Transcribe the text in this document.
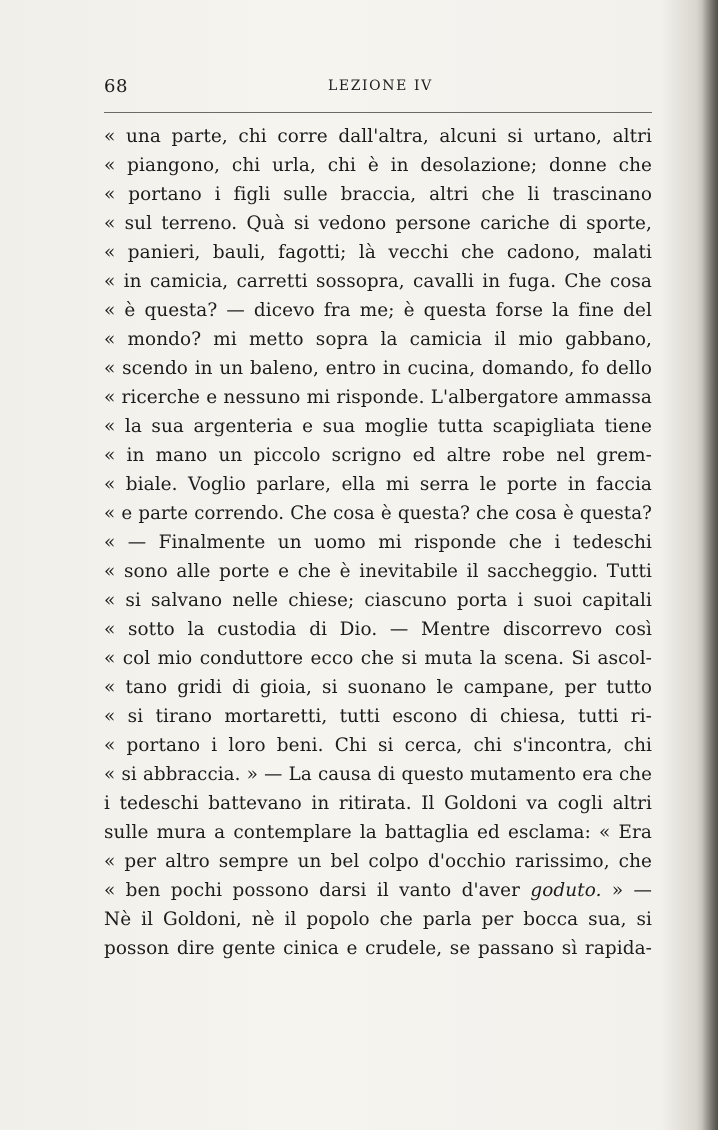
68	LEZIONE IV
« una parte, chi corre dall'altra, alcuni si urtano, altri
« piangono, chi urla, chi è in desolazione; donne che
« portano i figli sulle braccia, altri che li trascinano
« sul terreno. Quà si vedono persone cariche di sporte,
« panieri, bauli, fagotti; là vecchi che cadono, malati
« in camicia, carretti sossopra, cavalli in fuga. Che cosa
« è questa? — dicevo fra me; è questa forse la fine del
« mondo? mi metto sopra la camicia il mio gabbano,
« scendo in un baleno, entro in cucina, domando, fo dello
« ricerche e nessuno mi risponde. L'albergatore ammassa
« la sua argenteria e sua moglie tutta scapigliata tiene
« in mano un piccolo scrigno ed altre robe nel grem-
« biale. Voglio parlare, ella mi serra le porte in faccia
« e parte correndo. Che cosa è questa? che cosa è questa?
« — Finalmente un uomo mi risponde che i tedeschi
« sono alle porte e che è inevitabile il saccheggio. Tutti
« si salvano nelle chiese; ciascuno porta i suoi capitali
« sotto la custodia di Dio. — Mentre discorrevo così
« col mio conduttore ecco che si muta la scena. Si ascol-
« tano gridi di gioia, si suonano le campane, per tutto
« si tirano mortaretti, tutti escono di chiesa, tutti ri-
« portano i loro beni. Chi si cerca, chi s'incontra, chi
« si abbraccia. » — La causa di questo mutamento era che
i tedeschi battevano in ritirata. Il Goldoni va cogli altri
sulle mura a contemplare la battaglia ed esclama: « Era
« per altro sempre un bel colpo d'occhio rarissimo, che
« ben pochi possono darsi il vanto d'aver goduto. » —
Nè il Goldoni, nè il popolo che parla per bocca sua, si
posson dire gente cinica e crudele, se passano sì rapida-
